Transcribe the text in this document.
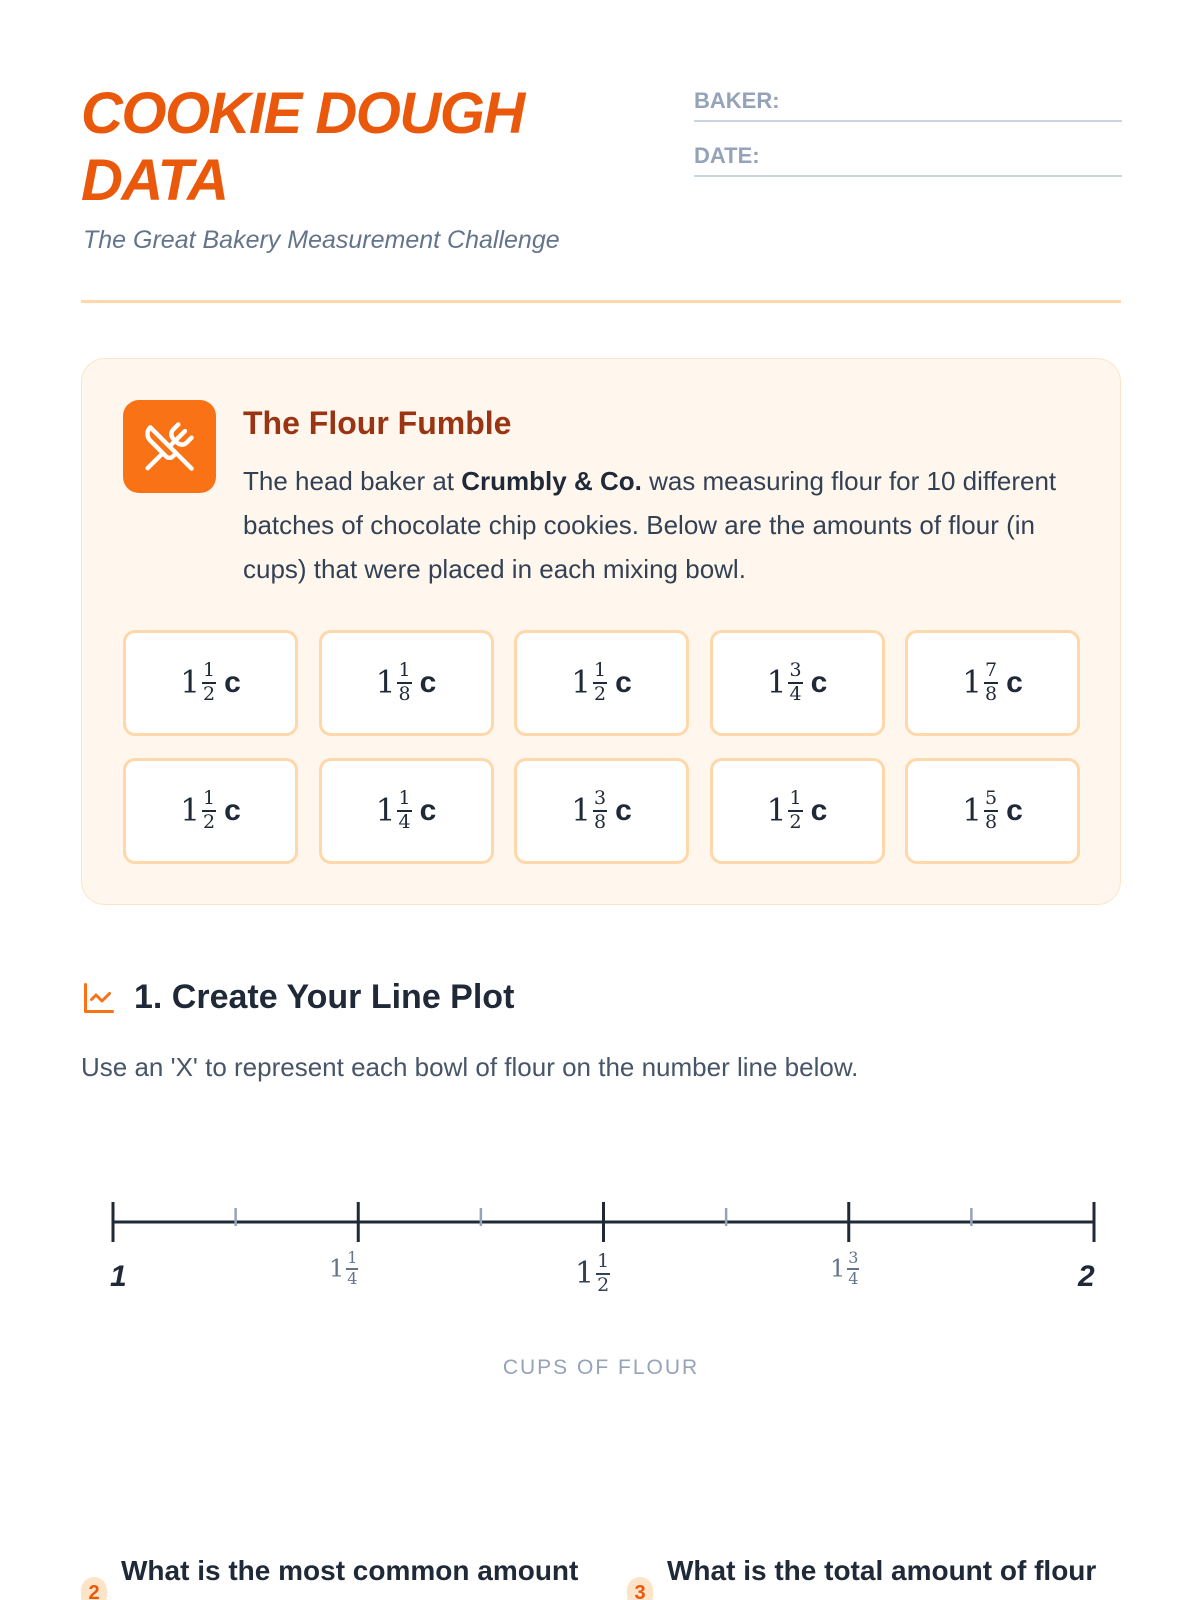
COOKIE DOUGH DATA
The Great Bakery Measurement Challenge
BAKER:
DATE:
The Flour Fumble

The head baker at Crumbly & Co. was measuring flour for 10 different batches of chocolate chip cookies. Below are the amounts of flour (in cups) that were placed in each mixing bowl.

$1 \frac{1}{2}$ c	$1 \frac{1}{8}$ c	$1 \frac{1}{2}$ c	$1 \frac{3}{4}$ c	$1 \frac{7}{8}$ c
$1 \frac{1}{2}$ c	$1 \frac{1}{4}$ c	$1 \frac{3}{8}$ c	$1 \frac{1}{2}$ c	$1 \frac{5}{8}$ c
1. Create Your Line Plot

Use an 'X' to represent each bowl of flour on the number line below.

1	$1 \frac{1}{4}$	$1 \frac{1}{2}$	$1 \frac{3}{4}$	2
CUPS OF FLOUR
2
What is the most common amount
3
What is the total amount of flour
